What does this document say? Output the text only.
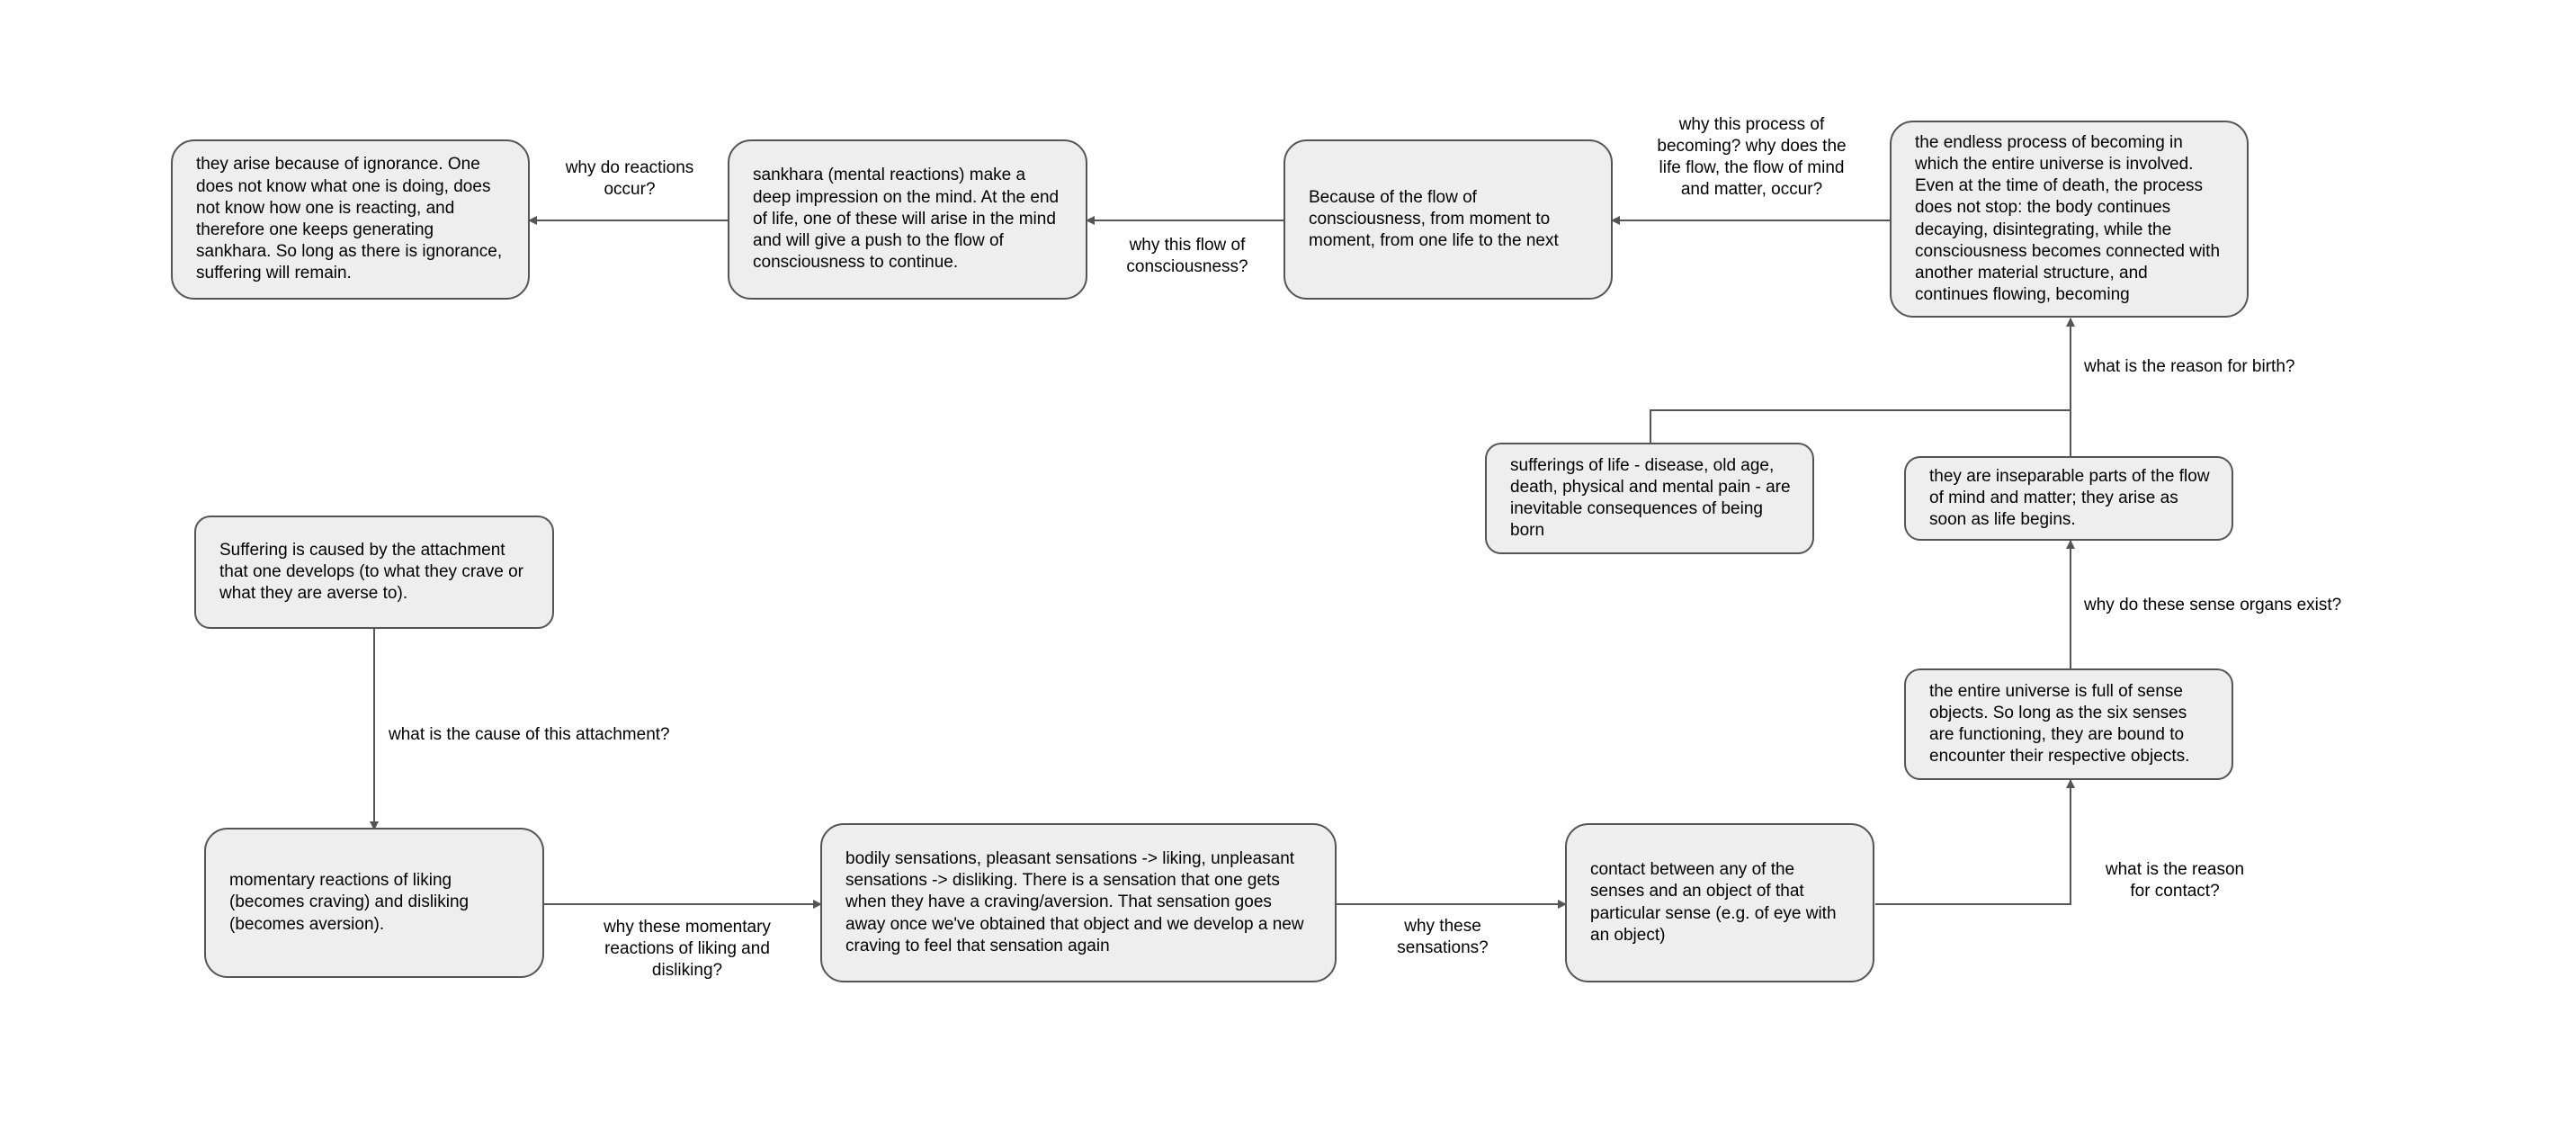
they arise because of ignorance. One does not know what one is doing, does not know how one is reacting, and therefore one keeps generating sankhara. So long as there is ignorance, suffering will remain.
sankhara (mental reactions) make a deep impression on the mind. At the end of life, one of these will arise in the mind and will give a push to the flow of consciousness to continue.
Because of the flow of consciousness, from moment to moment, from one life to the next
the endless process of becoming in which the entire universe is involved. Even at the time of death, the process does not stop: the body continues decaying, disintegrating, while the consciousness becomes connected with another material structure, and continues flowing, becoming
sufferings of life - disease, old age, death, physical and mental pain - are inevitable consequences of being born
they are inseparable parts of the flow of mind and matter; they arise as soon as life begins.
Suffering is caused by the attachment that one develops (to what they crave or what they are averse to).
the entire universe is full of sense objects. So long as the six senses are functioning, they are bound to encounter their respective objects.
momentary reactions of liking (becomes craving) and disliking (becomes aversion).
bodily sensations, pleasant sensations -> liking, unpleasant sensations -> disliking. There is a sensation that one gets when they have a craving/aversion. That sensation goes away once we've obtained that object and we develop a new craving to feel that sensation again
contact between any of the senses and an object of that particular sense (e.g. of eye with an object)
why do reactions
occur?
why this flow of
consciousness?
why this process of
becoming? why does the
life flow, the flow of mind
and matter, occur?
what is the reason for birth?
why do these sense organs exist?
what is the cause of this attachment?
why these momentary
reactions of liking and
disliking?
why these
sensations?
what is the reason
for contact?
